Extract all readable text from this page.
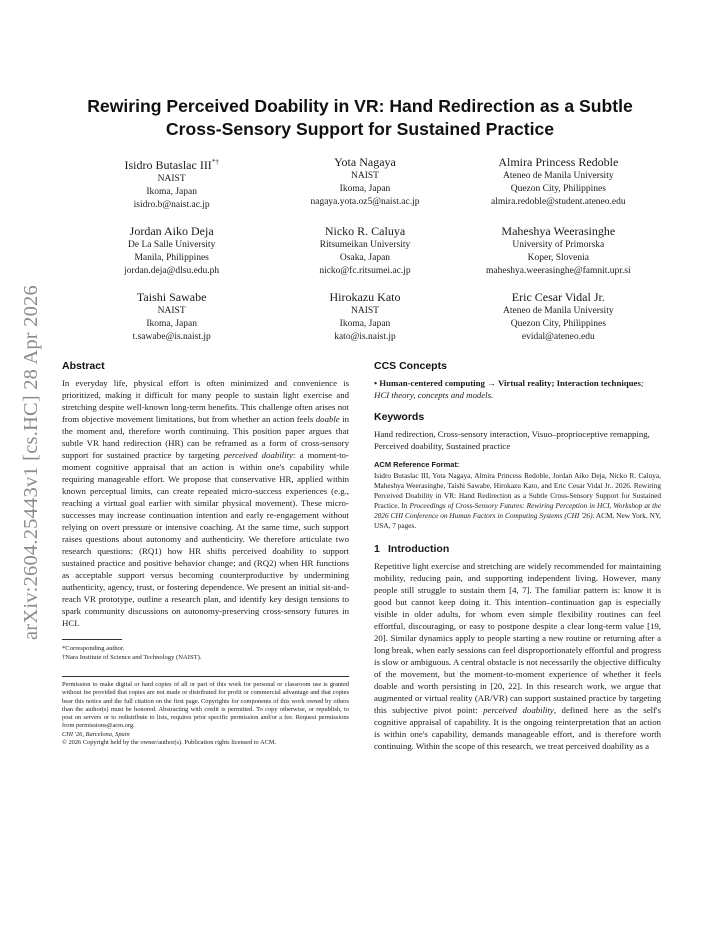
arXiv:2604.25443v1 [cs.HC] 28 Apr 2026
Rewiring Perceived Doability in VR: Hand Redirection as a Subtle Cross-Sensory Support for Sustained Practice
Isidro Butaslac III*†
NAIST
Ikoma, Japan
isidro.b@naist.ac.jp
Yota Nagaya
NAIST
Ikoma, Japan
nagaya.yota.oz5@naist.ac.jp
Almira Princess Redoble
Ateneo de Manila University
Quezon City, Philippines
almira.redoble@student.ateneo.edu
Jordan Aiko Deja
De La Salle University
Manila, Philippines
jordan.deja@dlsu.edu.ph
Nicko R. Caluya
Ritsumeikan University
Osaka, Japan
nicko@fc.ritsumei.ac.jp
Maheshya Weerasinghe
University of Primorska
Koper, Slovenia
maheshya.weerasinghe@famnit.upr.si
Taishi Sawabe
NAIST
Ikoma, Japan
t.sawabe@is.naist.jp
Hirokazu Kato
NAIST
Ikoma, Japan
kato@is.naist.jp
Eric Cesar Vidal Jr.
Ateneo de Manila University
Quezon City, Philippines
evidal@ateneo.edu
Abstract

In everyday life, physical effort is often minimized and convenience is prioritized, making it difficult for many people to sustain light exercise and stretching despite well-known long-term benefits. This challenge often arises not from objective movement limitations, but from whether an action feels doable in the moment and, therefore worth continuing. This position paper argues that subtle VR hand redirection (HR) can be reframed as a form of cross-sensory support for sustained practice by targeting perceived doability: a moment-to-moment cognitive appraisal that an action is within one's capability while requiring manageable effort. We propose that conservative HR, applied within known perceptual limits, can create repeated micro-success experiences (e.g., reaching a virtual goal earlier with similar physical movement). These micro-successes may increase continuation intention and early re-engagement without relying on overt pressure or intensive coaching. At the same time, such support raises questions about autonomy and authenticity. We therefore articulate two research questions: (RQ1) how HR shifts perceived doability to support sustained practice and positive behavior change; and (RQ2) when HR functions as acceptable support versus becoming counterproductive by undermining authenticity, agency, trust, or fostering dependence. We present an initial sit-and-reach VR prototype, outline a research plan, and identify key design tensions to spark community discussions on autonomy-preserving cross-sensory futures in HCI.

*Corresponding author.
†Nara Institute of Science and Technology (NAIST).
Permission to make digital or hard copies of all or part of this work for personal or classroom use is granted without fee provided that copies are not made or distributed for profit or commercial advantage and that copies bear this notice and the full citation on the first page. Copyrights for components of this work owned by others than the author(s) must be honored. Abstracting with credit is permitted. To copy otherwise, or republish, to post on servers or to redistribute to lists, requires prior specific permission and/or a fee. Request permissions from permissions@acm.org.
CHI '26, Barcelona, Spain
© 2026 Copyright held by the owner/author(s). Publication rights licensed to ACM.
CCS Concepts
• Human-centered computing → Virtual reality; Interaction techniques; HCI theory, concepts and models.
Keywords
Hand redirection, Cross-sensory interaction, Visuo–proprioceptive remapping, Perceived doability, Sustained practice
ACM Reference Format:
Isidro Butaslac III, Yota Nagaya, Almira Princess Redoble, Jordan Aiko Deja, Nicko R. Caluya, Maheshya Weerasinghe, Taishi Sawabe, Hirokazu Kato, and Eric Cesar Vidal Jr.. 2026. Rewiring Perceived Doability in VR: Hand Redirection as a Subtle Cross-Sensory Support for Sustained Practice. In Proceedings of Cross-Sensory Futures: Rewiring Perception in HCI, Workshop at the 2026 CHI Conference on Human Factors in Computing Systems (CHI '26). ACM, New York, NY, USA, 7 pages.
1 Introduction

Repetitive light exercise and stretching are widely recommended for maintaining mobility, reducing pain, and supporting independent living. However, many people still struggle to sustain them [4, 7]. The familiar pattern is: know it is good but cannot keep doing it. This intention–continuation gap is especially visible in older adults, for whom even simple flexibility routines can feel effortful, discouraging, or easy to postpone despite a clear long-term value [19, 20]. Similar dynamics apply to people starting a new routine or returning after a long break, when early sessions can feel disproportionately effortful and progress is slow or ambiguous. A central obstacle is not necessarily the objective difficulty of the movement, but the moment-to-moment experience of whether it feels doable and worth persisting in [20, 22]. In this research work, we argue that augmented or virtual reality (AR/VR) can support sustained practice by targeting this subjective pivot point: perceived doability, defined here as the self's cognitive appraisal of capability. It is the ongoing reinterpretation that an action is within one's capability, demands manageable effort, and is therefore worth continuing. Within the scope of this research, we treat perceived doability as a
